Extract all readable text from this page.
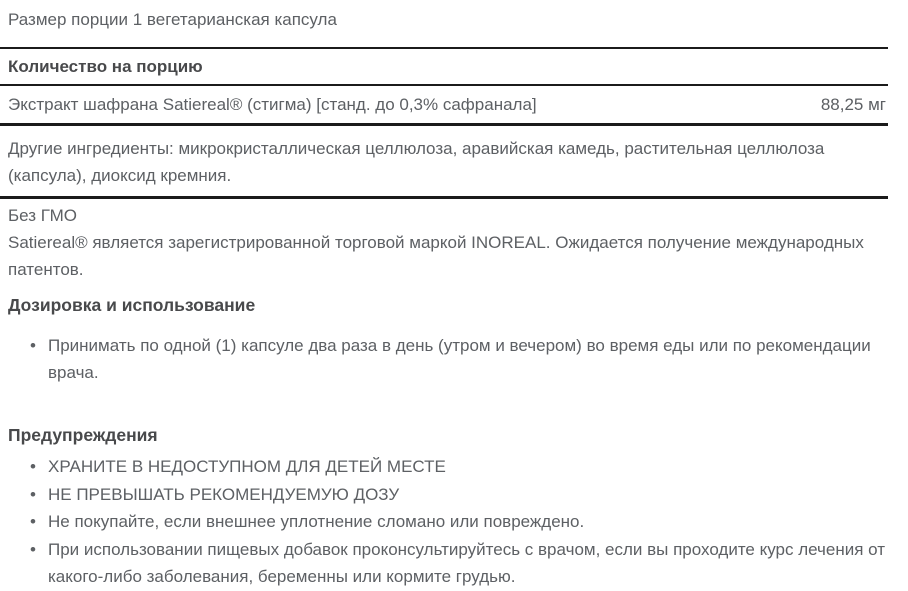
Размер порции 1 вегетарианская капсула

Количество на порцию

Экстракт шафрана Satiereal® (стигма) [станд. до 0,3% сафранала]	88,25 мг

Другие ингредиенты: микрокристаллическая целлюлоза, аравийская камедь, растительная целлюлоза (капсула), диоксид кремния.

Без ГМО

Satiereal® является зарегистрированной торговой маркой INOREAL. Ожидается получение международных патентов.

Дозировка и использование

• Принимать по одной (1) капсуле два раза в день (утром и вечером) во время еды или по рекомендации врача.

Предупреждения

• ХРАНИТЕ В НЕДОСТУПНОМ ДЛЯ ДЕТЕЙ МЕСТЕ
• НЕ ПРЕВЫШАТЬ РЕКОМЕНДУЕМУЮ ДОЗУ
• Не покупайте, если внешнее уплотнение сломано или повреждено.
• При использовании пищевых добавок проконсультируйтесь с врачом, если вы проходите курс лечения от какого-либо заболевания, беременны или кормите грудью.
